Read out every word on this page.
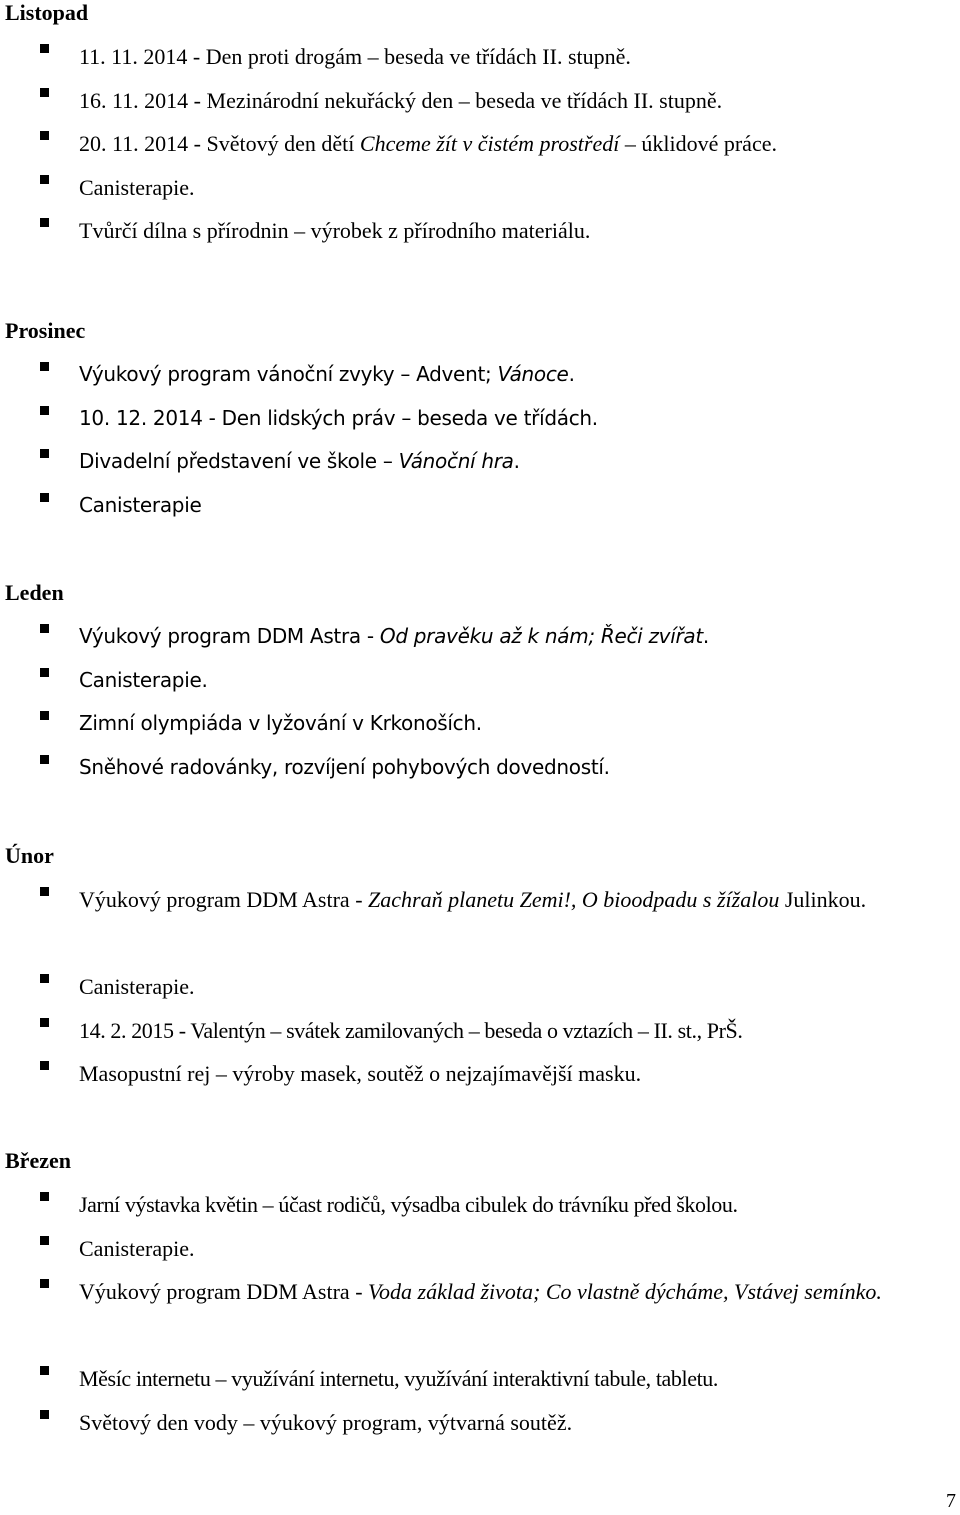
Listopad
11. 11. 2014 - Den proti drogám – beseda ve třídách II. stupně.
16. 11. 2014 - Mezinárodní nekuřácký den – beseda ve třídách II. stupně.
20. 11. 2014 - Světový den dětí Chceme žít v čistém prostředí – úklidové práce.
Canisterapie.
Tvůrčí dílna s přírodnin – výrobek z přírodního materiálu.
Prosinec
Výukový program vánoční zvyky – Advent; Vánoce.
10. 12. 2014 - Den lidských práv – beseda ve třídách.
Divadelní představení ve škole – Vánoční hra.
Canisterapie
Leden
Výukový program DDM Astra - Od pravěku až k nám; Řeči zvířat.
Canisterapie.
Zimní olympiáda v lyžování v Krkonoších.
Sněhové radovánky, rozvíjení pohybových dovedností.
Únor
Výukový program DDM Astra - Zachraň planetu Zemi!, O bioodpadu s žížalou Julinkou.
Canisterapie.
14. 2. 2015 - Valentýn – svátek zamilovaných – beseda o vztazích – II. st., PrŠ.
Masopustní rej – výroby masek, soutěž o nejzajímavější masku.
Březen
Jarní výstavka květin – účast rodičů, výsadba cibulek do trávníku před školou.
Canisterapie.
Výukový program DDM Astra - Voda základ života; Co vlastně dýcháme, Vstávej semínko.
Měsíc internetu – využívání internetu, využívání interaktivní tabule, tabletu.
Světový den vody – výukový program, výtvarná soutěž.
7
